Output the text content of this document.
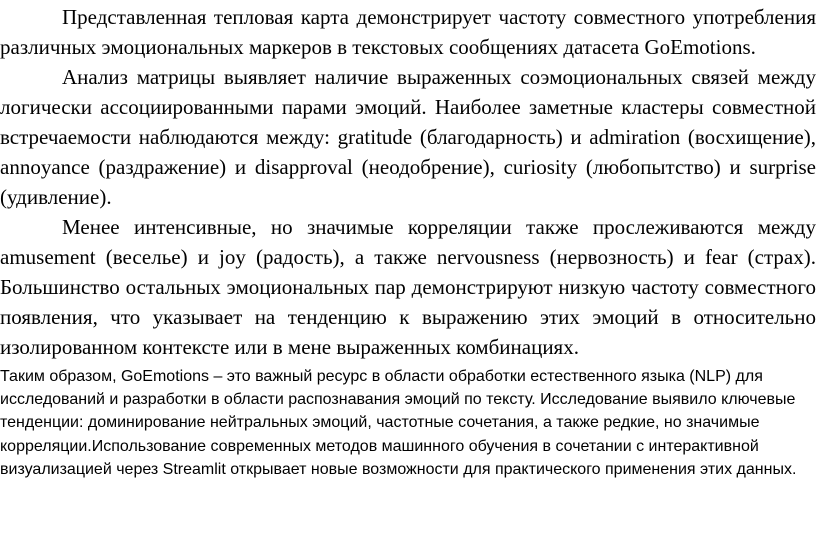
Представленная тепловая карта демонстрирует частоту совместного употребления различных эмоциональных маркеров в текстовых сообщениях датасета GoEmotions.

Анализ матрицы выявляет наличие выраженных соэмоциональных связей между логически ассоциированными парами эмоций. Наиболее заметные кластеры совместной встречаемости наблюдаются между: gratitude (благодарность) и admiration (восхищение), annoyance (раздражение) и disapproval (неодобрение), curiosity (любопытство) и surprise (удивление).

Менее интенсивные, но значимые корреляции также прослеживаются между amusement (веселье) и joy (радость), а также nervousness (нервозность) и fear (страх). Большинство остальных эмоциональных пар демонстрируют низкую частоту совместного появления, что указывает на тенденцию к выражению этих эмоций в относительно изолированном контексте или в мене выраженных комбинациях.

Таким образом, GoEmotions – это важный ресурс в области обработки естественного языка (NLP) для исследований и разработки в области распознавания эмоций по тексту. Исследование выявило ключевые тенденции: доминирование нейтральных эмоций, частотные сочетания, а также редкие, но значимые корреляции.Использование современных методов машинного обучения в сочетании с интерактивной визуализацией через Streamlit открывает новые возможности для практического применения этих данных.
